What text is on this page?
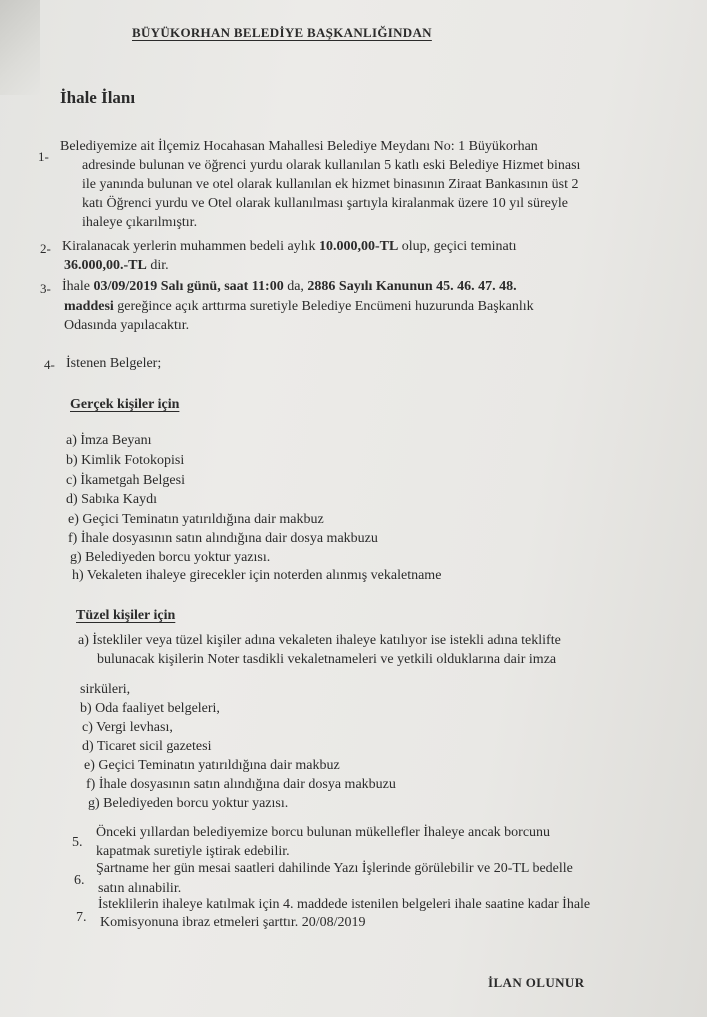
BÜYÜKORHAN BELEDİYE BAŞKANLIĞINDAN
İhale İlanı
1-
Belediyemize ait İlçemiz Hocahasan Mahallesi Belediye Meydanı No: 1 Büyükorhan
adresinde bulunan ve öğrenci yurdu olarak kullanılan 5 katlı eski Belediye Hizmet binası
ile yanında bulunan ve otel olarak kullanılan ek hizmet binasının Ziraat Bankasının üst 2
katı Öğrenci yurdu ve Otel olarak kullanılması şartıyla kiralanmak üzere 10 yıl süreyle
ihaleye çıkarılmıştır.
2- Kiralanacak yerlerin muhammen bedeli aylık 10.000,00-TL olup, geçici teminatı
36.000,00.-TL dir.
3- İhale 03/09/2019 Salı günü, saat 11:00 da, 2886 Sayılı Kanunun 45. 46. 47. 48.
maddesi gereğince açık arttırma suretiyle Belediye Encümeni huzurunda Başkanlık
Odasında yapılacaktır.
4- İstenen Belgeler;
Gerçek kişiler için
a) İmza Beyanı
b) Kimlik Fotokopisi
c) İkametgah Belgesi
d) Sabıka Kaydı
e) Geçici Teminatın yatırıldığına dair makbuz
f) İhale dosyasının satın alındığına dair dosya makbuzu
g) Belediyeden borcu yoktur yazısı.
h) Vekaleten ihaleye girecekler için noterden alınmış vekaletname
Tüzel kişiler için
a) İstekliler veya tüzel kişiler adına vekaleten ihaleye katılıyor ise istekli adına teklifte
bulunacak kişilerin Noter tasdikli vekaletnameleri ve yetkili olduklarına dair imza
sirküleri,
b) Oda faaliyet belgeleri,
c) Vergi levhası,
d) Ticaret sicil gazetesi
e) Geçici Teminatın yatırıldığına dair makbuz
f) İhale dosyasının satın alındığına dair dosya makbuzu
g) Belediyeden borcu yoktur yazısı.
5.
Önceki yıllardan belediyemize borcu bulunan mükellefler İhaleye ancak borcunu
kapatmak suretiyle iştirak edebilir.
6.
Şartname her gün mesai saatleri dahilinde Yazı İşlerinde görülebilir ve 20-TL bedelle
satın alınabilir.
7.
İsteklilerin ihaleye katılmak için 4. maddede istenilen belgeleri ihale saatine kadar İhale
Komisyonuna ibraz etmeleri şarttır. 20/08/2019
İLAN OLUNUR
